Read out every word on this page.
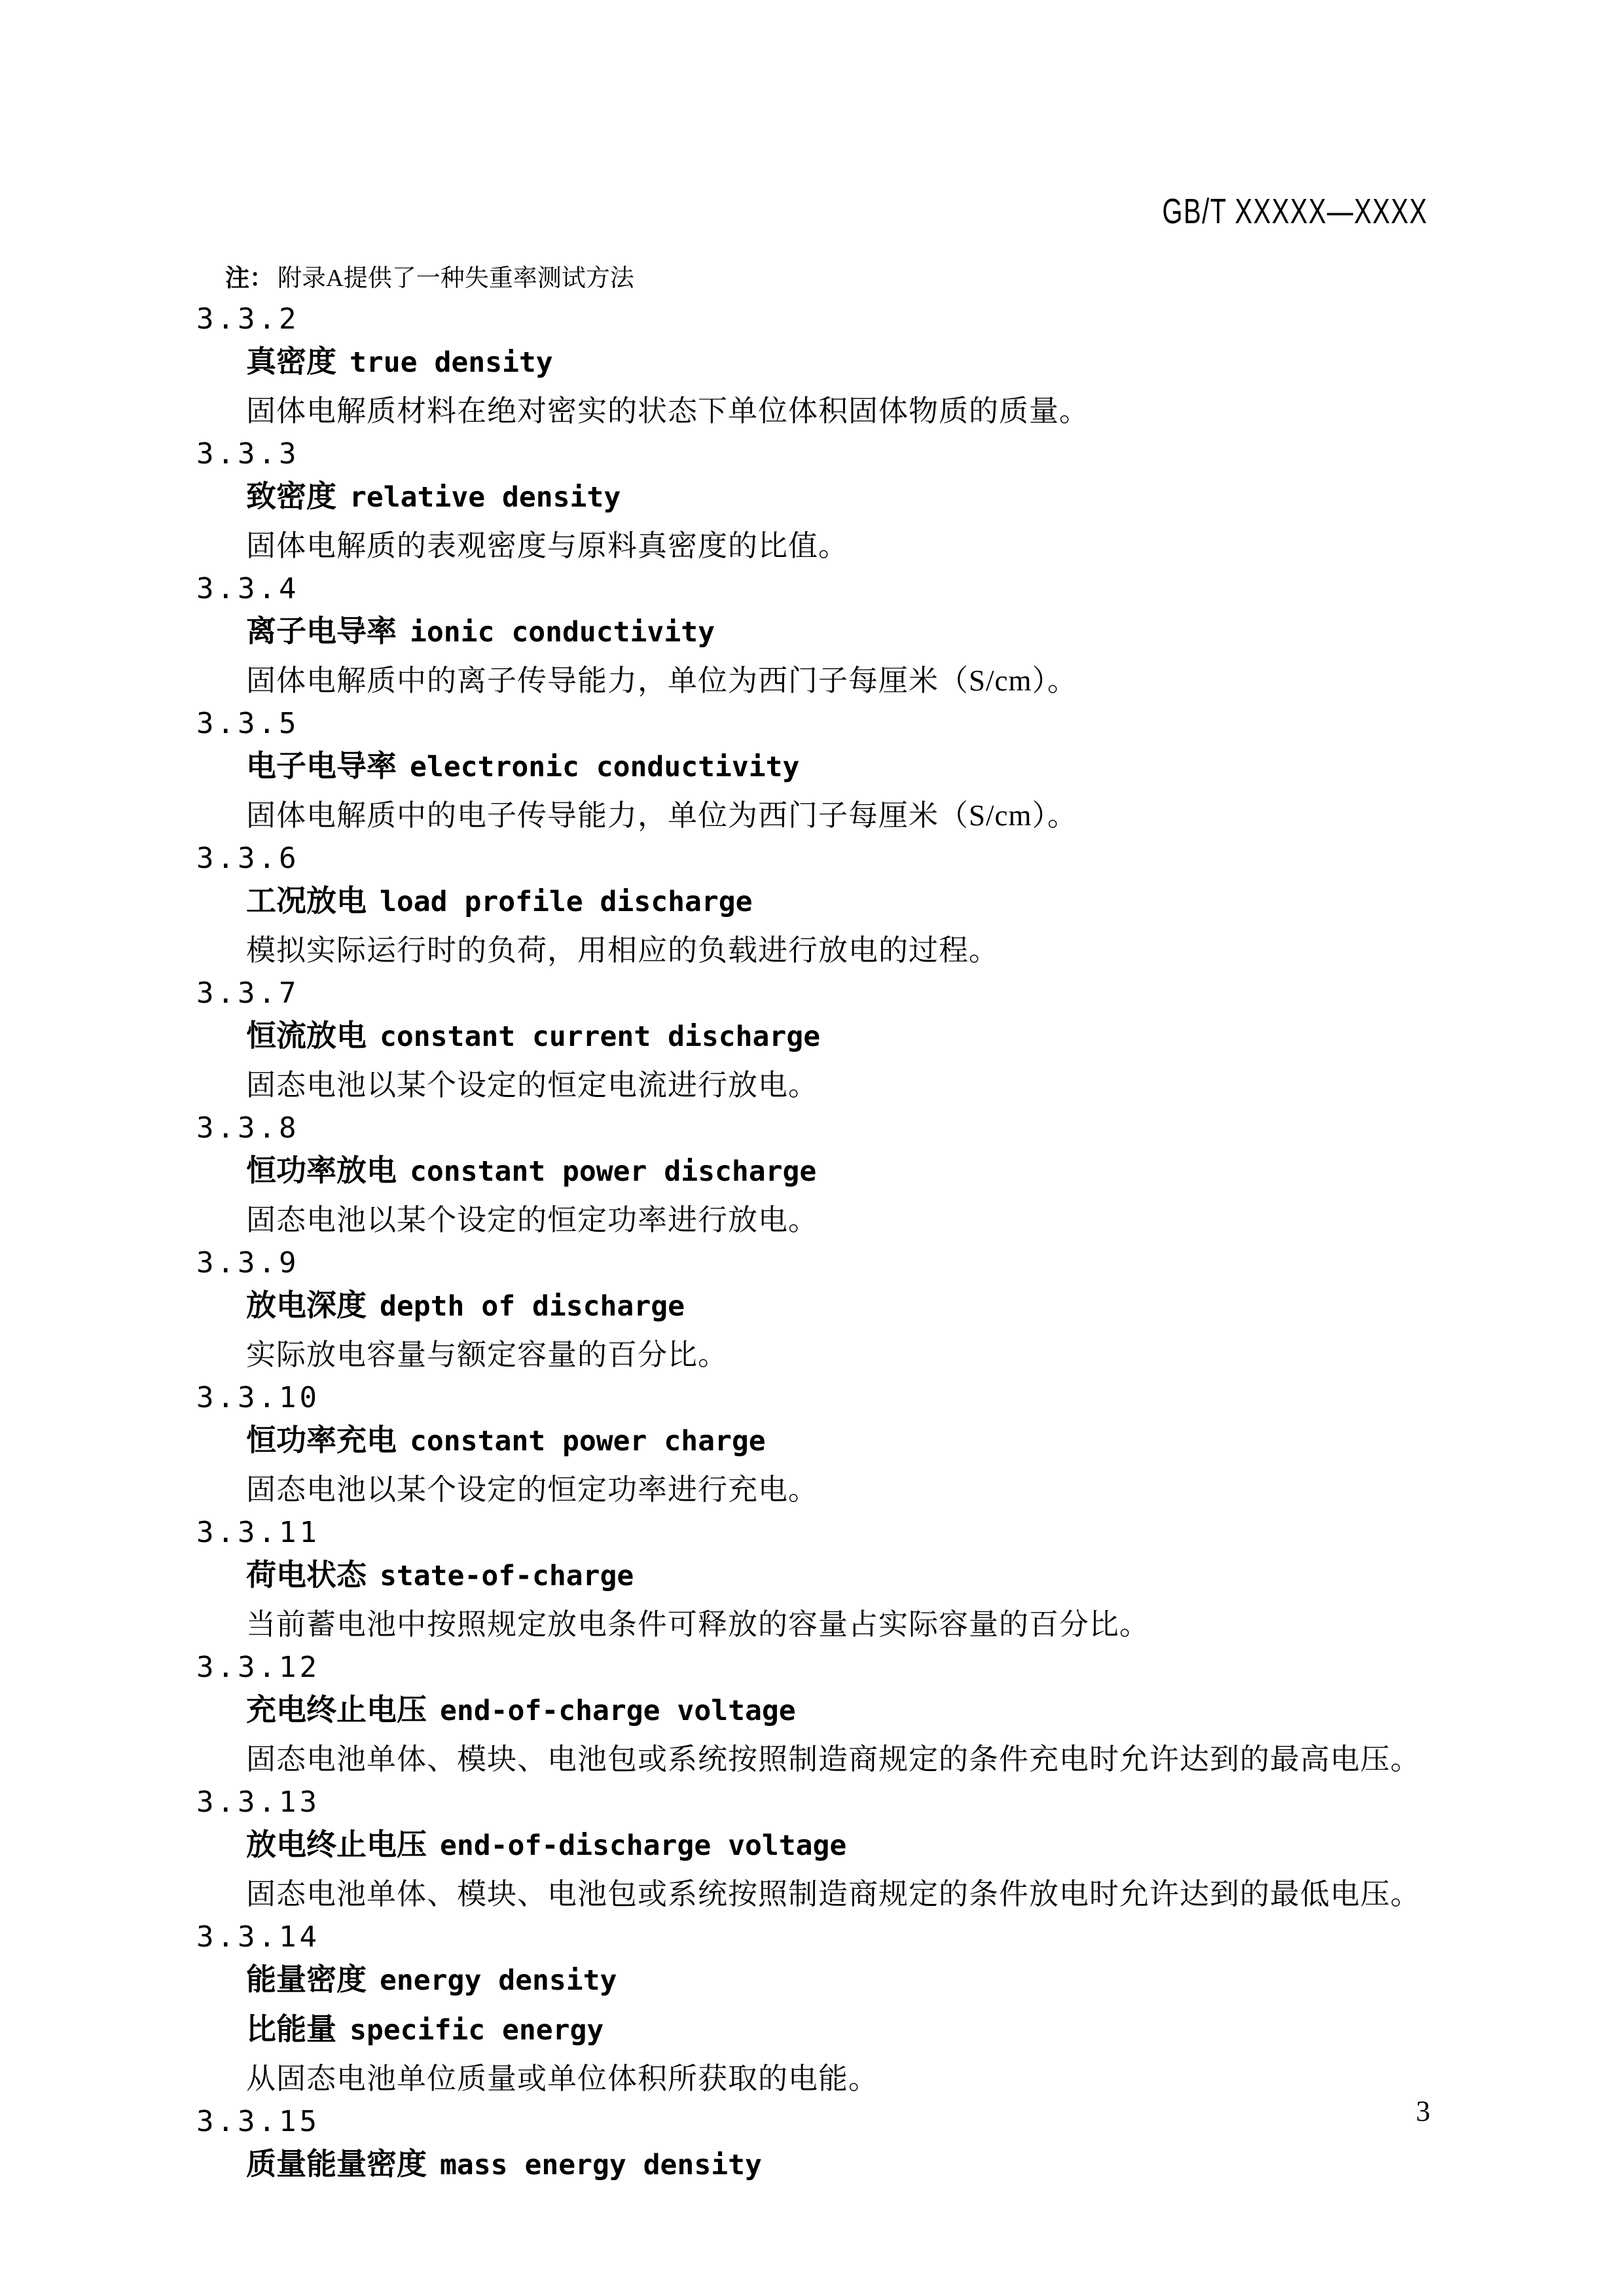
GB/T XXXXX—XXXX
注： 附录A提供了一种失重率测试方法
3.3.2
真密度 true density
固体电解质材料在绝对密实的状态下单位体积固体物质的质量。
3.3.3
致密度 relative density
固体电解质的表观密度与原料真密度的比值。
3.3.4
离子电导率 ionic conductivity
固体电解质中的离子传导能力，单位为西门子每厘米（S/cm）。
3.3.5
电子电导率 electronic conductivity
固体电解质中的电子传导能力，单位为西门子每厘米（S/cm）。
3.3.6
工况放电 load profile discharge
模拟实际运行时的负荷，用相应的负载进行放电的过程。
3.3.7
恒流放电 constant current discharge
固态电池以某个设定的恒定电流进行放电。
3.3.8
恒功率放电 constant power discharge
固态电池以某个设定的恒定功率进行放电。
3.3.9
放电深度 depth of discharge
实际放电容量与额定容量的百分比。
3.3.10
恒功率充电 constant power charge
固态电池以某个设定的恒定功率进行充电。
3.3.11
荷电状态 state-of-charge
当前蓄电池中按照规定放电条件可释放的容量占实际容量的百分比。
3.3.12
充电终止电压 end-of-charge voltage
固态电池单体、模块、电池包或系统按照制造商规定的条件充电时允许达到的最高电压。
3.3.13
放电终止电压 end-of-discharge voltage
固态电池单体、模块、电池包或系统按照制造商规定的条件放电时允许达到的最低电压。
3.3.14
能量密度 energy density
比能量 specific energy
从固态电池单位质量或单位体积所获取的电能。
3.3.15
质量能量密度 mass energy density
3
